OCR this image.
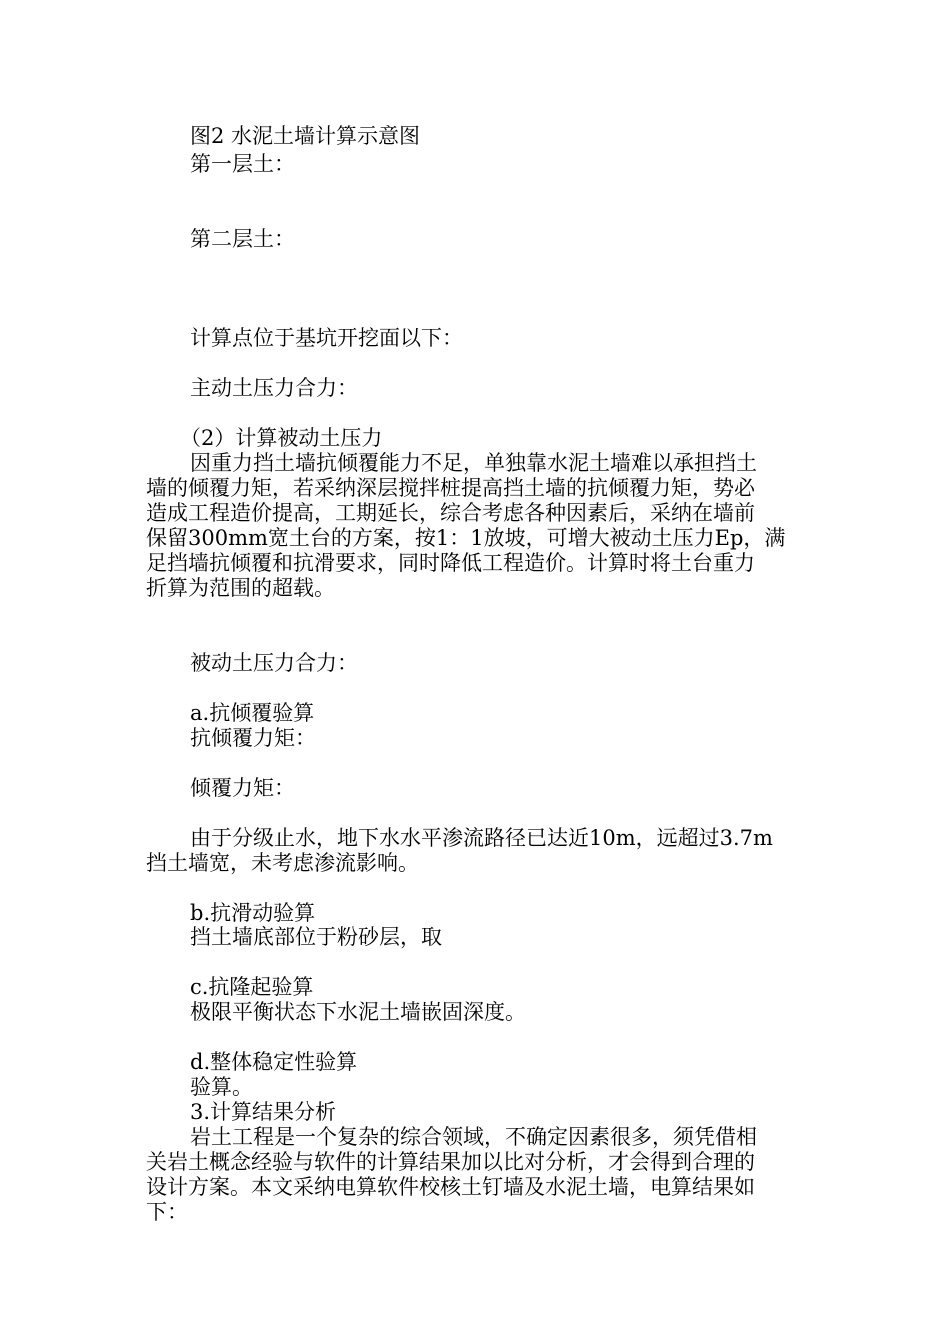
图2 水泥土墙计算示意图
第一层土：
第二层土：
计算点位于基坑开挖面以下：
主动土压力合力：
（2）计算被动土压力
因重力挡土墙抗倾覆能力不足，单独靠水泥土墙难以承担挡土
墙的倾覆力矩，若采纳深层搅拌桩提高挡土墙的抗倾覆力矩，势必
造成工程造价提高，工期延长，综合考虑各种因素后，采纳在墙前
保留300mm宽土台的方案，按1：1放坡，可增大被动土压力Ep，满
足挡墙抗倾覆和抗滑要求，同时降低工程造价。计算时将土台重力
折算为范围的超载。
被动土压力合力：
a.抗倾覆验算
抗倾覆力矩：
倾覆力矩：
由于分级止水，地下水水平渗流路径已达近10m，远超过3.7m
挡土墙宽，未考虑渗流影响。
b.抗滑动验算
挡土墙底部位于粉砂层，取
c.抗隆起验算
极限平衡状态下水泥土墙嵌固深度。
d.整体稳定性验算
验算。
3.计算结果分析
岩土工程是一个复杂的综合领域，不确定因素很多，须凭借相
关岩土概念经验与软件的计算结果加以比对分析，才会得到合理的
设计方案。本文采纳电算软件校核土钉墙及水泥土墙，电算结果如
下：
